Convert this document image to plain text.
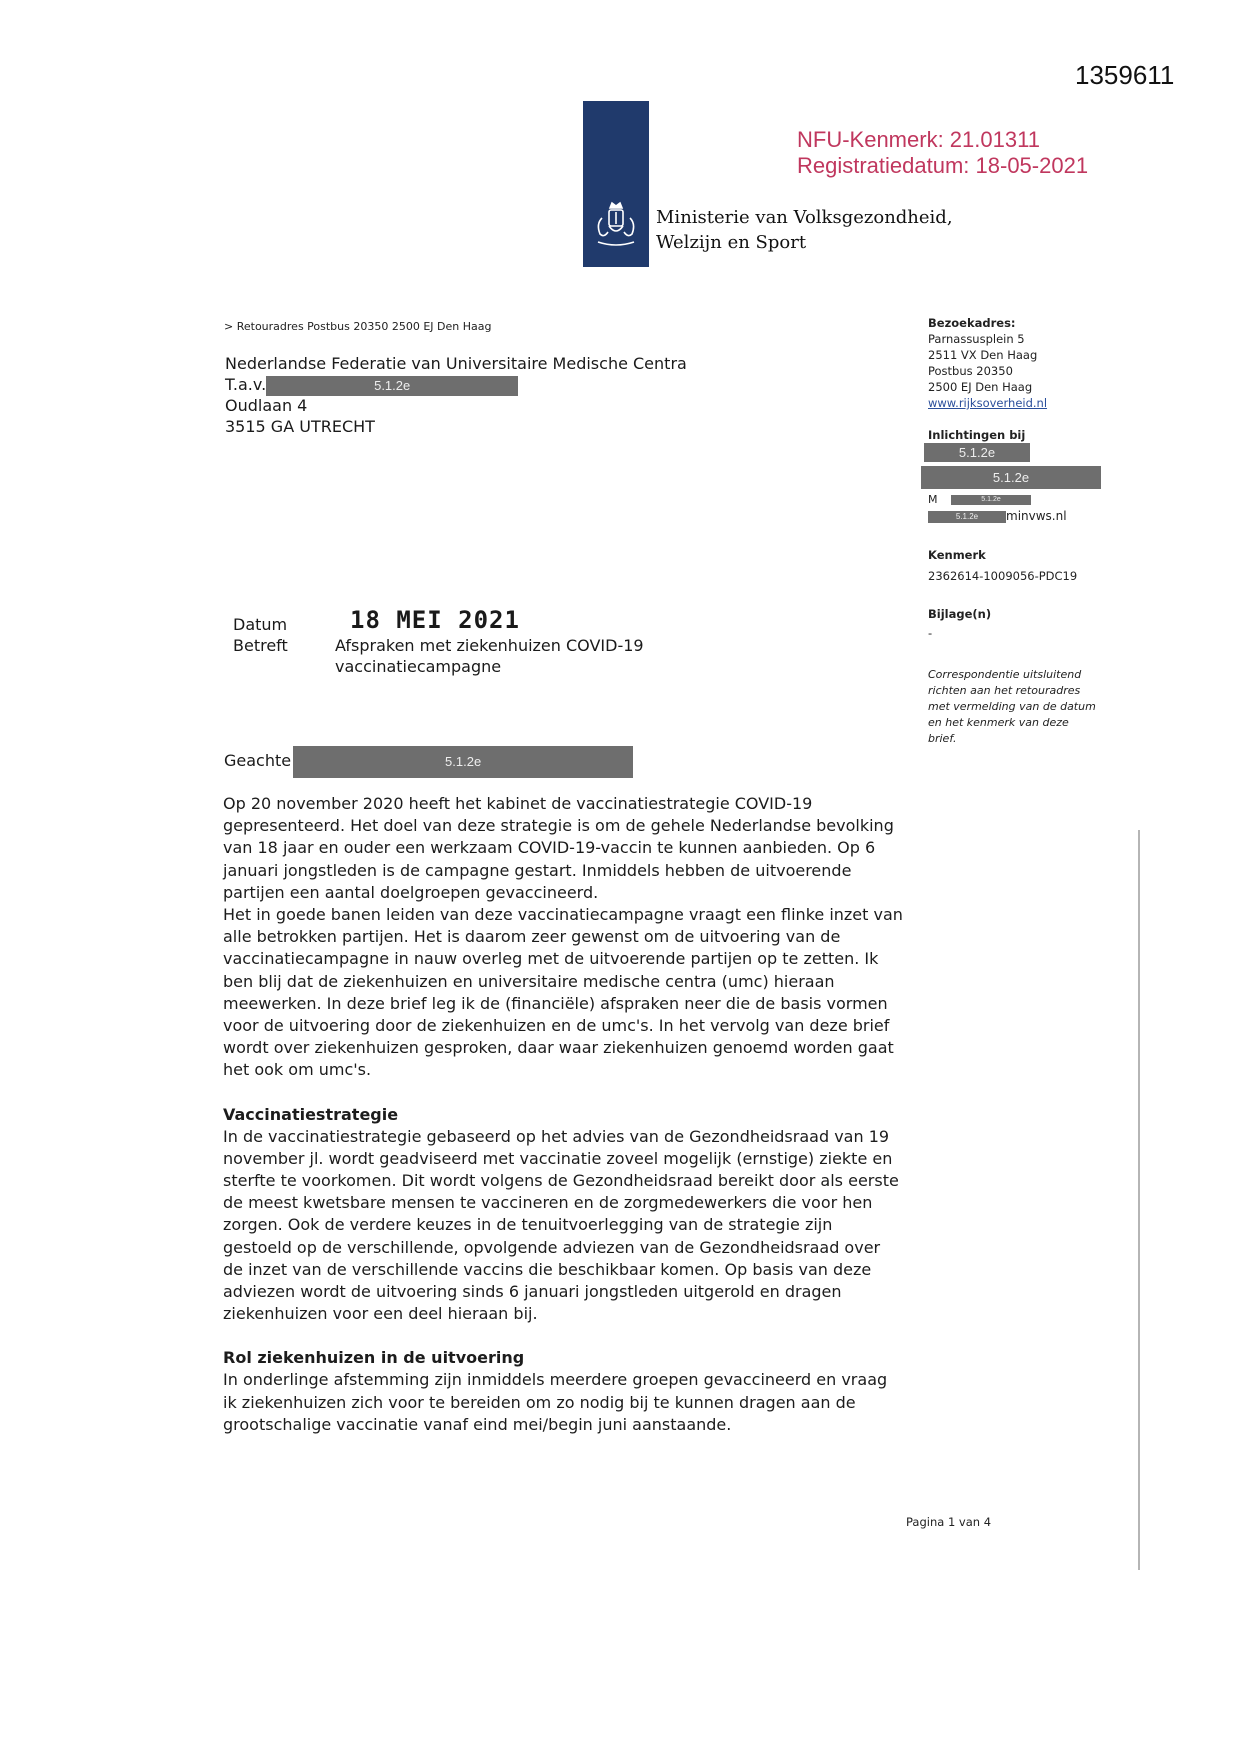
1359611
Ministerie van Volksgezondheid,
Welzijn en Sport
NFU-Kenmerk: 21.01311
Registratiedatum: 18-05-2021
> Retouradres Postbus 20350 2500 EJ Den Haag
Nederlandse Federatie van Universitaire Medische Centra
T.a.v.	5.1.2e
Oudlaan 4
3515 GA UTRECHT
Bezoekadres:
Parnassusplein 5
2511 VX Den Haag
Postbus 20350
2500 EJ Den Haag
www.rijksoverheid.nl
Inlichtingen bij
5.1.2e
5.1.2e
M	5.1.2e
5.1.2e minvws.nl
Kenmerk
2362614-1009056-PDC19
Bijlage(n)
-
Correspondentie uitsluitend
richten aan het retouradres
met vermelding van de datum
en het kenmerk van deze
brief.
Datum	18 MEI 2021
Betreft	Afspraken met ziekenhuizen COVID-19
vaccinatiecampagne
Geachte	5.1.2e

Op 20 november 2020 heeft het kabinet de vaccinatiestrategie COVID-19 gepresenteerd. Het doel van deze strategie is om de gehele Nederlandse bevolking van 18 jaar en ouder een werkzaam COVID-19-vaccin te kunnen aanbieden. Op 6 januari jongstleden is de campagne gestart. Inmiddels hebben de uitvoerende partijen een aantal doelgroepen gevaccineerd.

Het in goede banen leiden van deze vaccinatiecampagne vraagt een flinke inzet van alle betrokken partijen. Het is daarom zeer gewenst om de uitvoering van de vaccinatiecampagne in nauw overleg met de uitvoerende partijen op te zetten. Ik ben blij dat de ziekenhuizen en universitaire medische centra (umc) hieraan meewerken. In deze brief leg ik de (financiële) afspraken neer die de basis vormen voor de uitvoering door de ziekenhuizen en de umc's. In het vervolg van deze brief wordt over ziekenhuizen gesproken, daar waar ziekenhuizen genoemd worden gaat het ook om umc's.

Vaccinatiestrategie

In de vaccinatiestrategie gebaseerd op het advies van de Gezondheidsraad van 19 november jl. wordt geadviseerd met vaccinatie zoveel mogelijk (ernstige) ziekte en sterfte te voorkomen. Dit wordt volgens de Gezondheidsraad bereikt door als eerste de meest kwetsbare mensen te vaccineren en de zorgmedewerkers die voor hen zorgen. Ook de verdere keuzes in de tenuitvoerlegging van de strategie zijn gestoeld op de verschillende, opvolgende adviezen van de Gezondheidsraad over de inzet van de verschillende vaccins die beschikbaar komen. Op basis van deze adviezen wordt de uitvoering sinds 6 januari jongstleden uitgerold en dragen ziekenhuizen voor een deel hieraan bij.

Rol ziekenhuizen in de uitvoering

In onderlinge afstemming zijn inmiddels meerdere groepen gevaccineerd en vraag ik ziekenhuizen zich voor te bereiden om zo nodig bij te kunnen dragen aan de grootschalige vaccinatie vanaf eind mei/begin juni aanstaande.

Pagina 1 van 4
